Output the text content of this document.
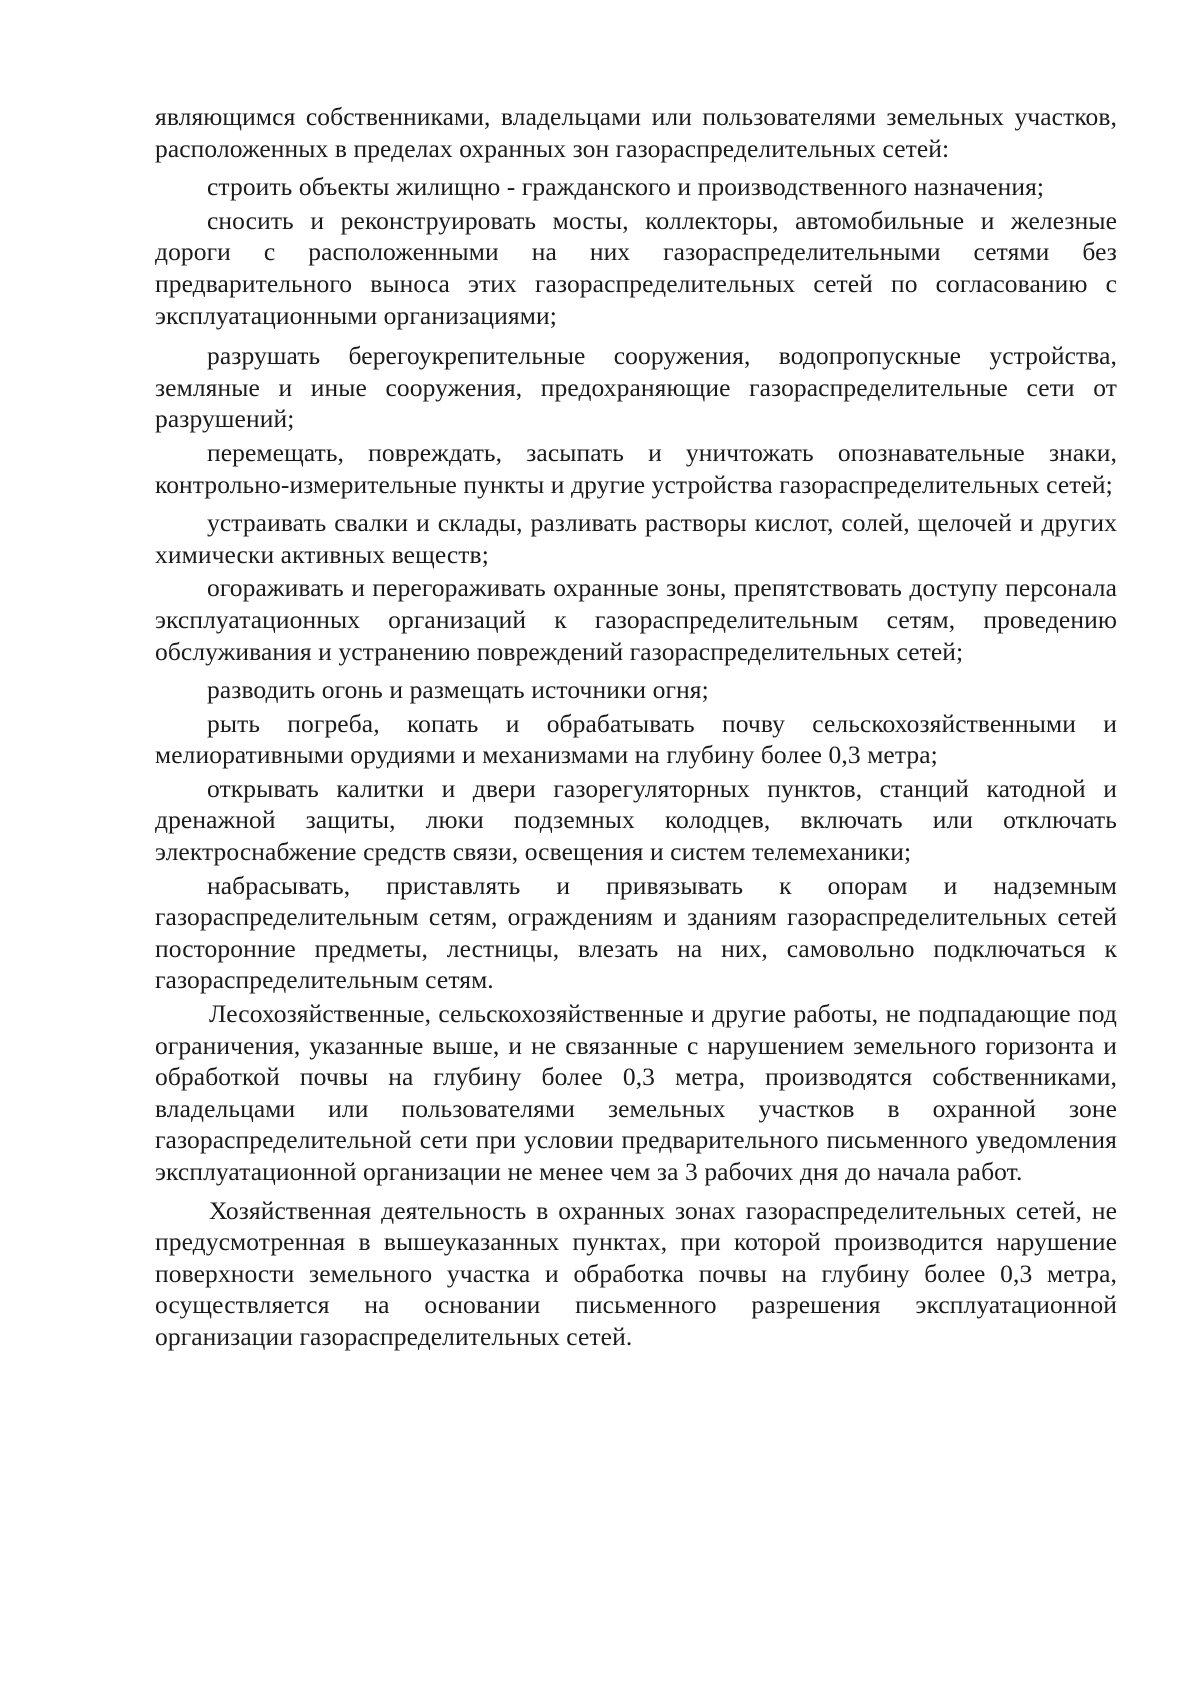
являющимся собственниками, владельцами или пользователями земельных участков, расположенных в пределах охранных зон газораспределительных сетей:

строить объекты жилищно - гражданского и производственного назначения;

сносить и реконструировать мосты, коллекторы, автомобильные и железные дороги с расположенными на них газораспределительными сетями без предварительного выноса этих газораспределительных сетей по согласованию с эксплуатационными организациями;

разрушать берегоукрепительные сооружения, водопропускные устройства, земляные и иные сооружения, предохраняющие газораспределительные сети от разрушений;

перемещать, повреждать, засыпать и уничтожать опознавательные знаки, контрольно-измерительные пункты и другие устройства газораспределительных сетей;

устраивать свалки и склады, разливать растворы кислот, солей, щелочей и других химически активных веществ;

огораживать и перегораживать охранные зоны, препятствовать доступу персонала эксплуатационных организаций к газораспределительным сетям, проведению обслуживания и устранению повреждений газораспределительных сетей;

разводить огонь и размещать источники огня;

рыть погреба, копать и обрабатывать почву сельскохозяйственными и мелиоративными орудиями и механизмами на глубину более 0,3 метра;

открывать калитки и двери газорегуляторных пунктов, станций катодной и дренажной защиты, люки подземных колодцев, включать или отключать электроснабжение средств связи, освещения и систем телемеханики;

набрасывать, приставлять и привязывать к опорам и надземным газораспределительным сетям, ограждениям и зданиям газораспределительных сетей посторонние предметы, лестницы, влезать на них, самовольно подключаться к газораспределительным сетям.

Лесохозяйственные, сельскохозяйственные и другие работы, не подпадающие под ограничения, указанные выше, и не связанные с нарушением земельного горизонта и обработкой почвы на глубину более 0,3 метра, производятся собственниками, владельцами или пользователями земельных участков в охранной зоне газораспределительной сети при условии предварительного письменного уведомления эксплуатационной организации не менее чем за 3 рабочих дня до начала работ.

Хозяйственная деятельность в охранных зонах газораспределительных сетей, не предусмотренная в вышеуказанных пунктах, при которой производится нарушение поверхности земельного участка и обработка почвы на глубину более 0,3 метра, осуществляется на основании письменного разрешения эксплуатационной организации газораспределительных сетей.
